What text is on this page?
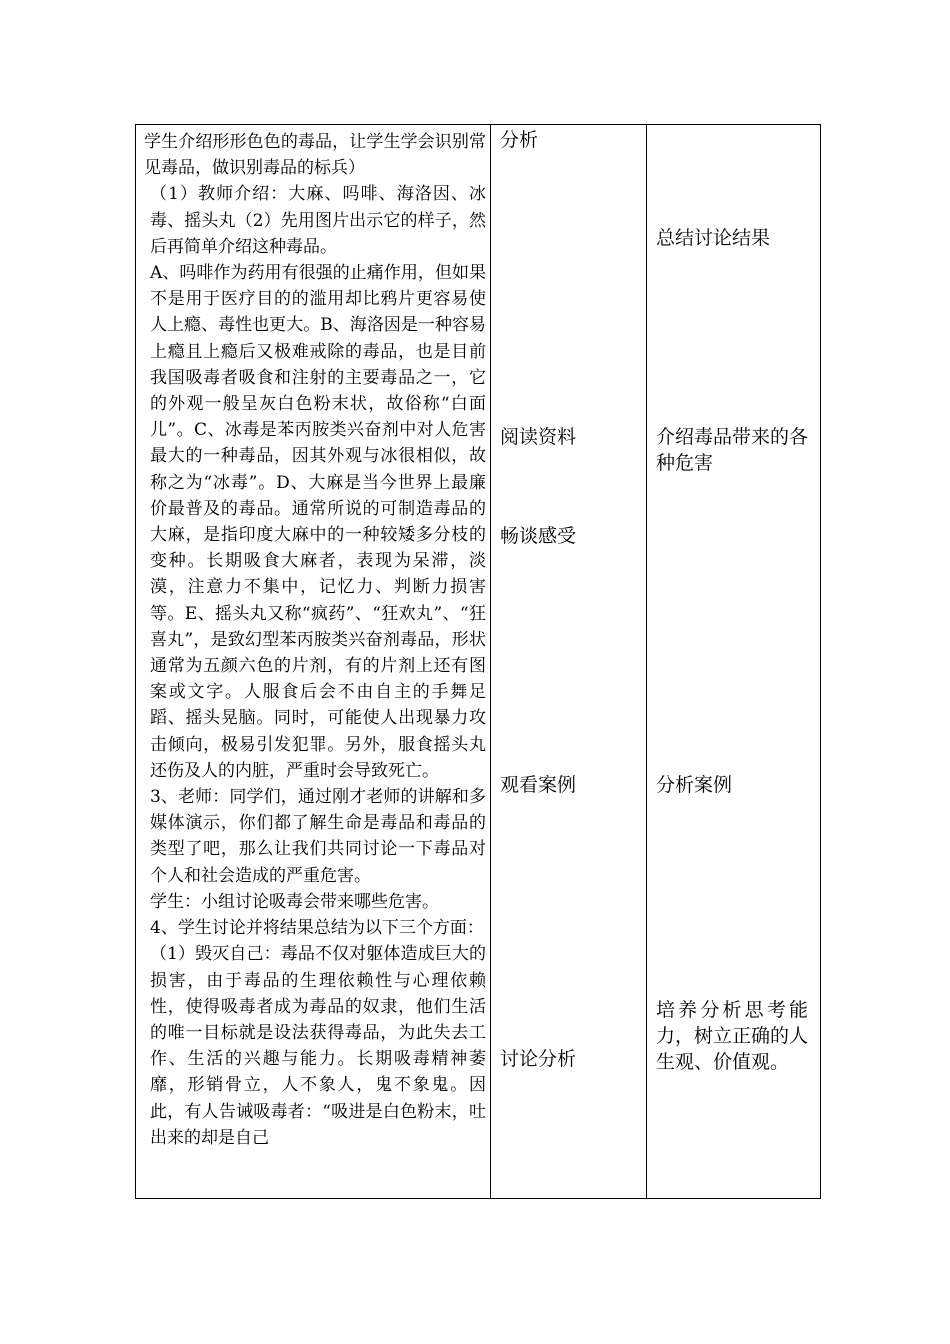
学生介绍形形色色的毒品，让学生学会识别常见毒品，做识别毒品的标兵）

（1）教师介绍：大麻、吗啡、海洛因、冰毒、摇头丸（2）先用图片出示它的样子，然后再简单介绍这种毒品。

A、吗啡作为药用有很强的止痛作用，但如果不是用于医疗目的的滥用却比鸦片更容易使人上瘾、毒性也更大。B、海洛因是一种容易上瘾且上瘾后又极难戒除的毒品，也是目前我国吸毒者吸食和注射的主要毒品之一，它的外观一般呈灰白色粉末状，故俗称“白面儿”。C、冰毒是苯丙胺类兴奋剂中对人危害最大的一种毒品，因其外观与冰很相似，故称之为“冰毒”。D、大麻是当今世界上最廉价最普及的毒品。通常所说的可制造毒品的大麻，是指印度大麻中的一种较矮多分枝的变种。长期吸食大麻者，表现为呆滞，淡漠，注意力不集中，记忆力、判断力损害等。E、摇头丸又称“疯药”、“狂欢丸”、“狂喜丸”，是致幻型苯丙胺类兴奋剂毒品，形状通常为五颜六色的片剂，有的片剂上还有图案或文字。人服食后会不由自主的手舞足蹈、摇头晃脑。同时，可能使人出现暴力攻击倾向，极易引发犯罪。另外，服食摇头丸还伤及人的内脏，严重时会导致死亡。

3、老师：同学们，通过刚才老师的讲解和多媒体演示，你们都了解生命是毒品和毒品的类型了吧，那么让我们共同讨论一下毒品对个人和社会造成的严重危害。

学生：小组讨论吸毒会带来哪些危害。

4、学生讨论并将结果总结为以下三个方面：

（1）毁灭自己：毒品不仅对躯体造成巨大的损害，由于毒品的生理依赖性与心理依赖性，使得吸毒者成为毒品的奴隶，他们生活的唯一目标就是设法获得毒品，为此失去工作、生活的兴趣与能力。长期吸毒精神萎靡，形销骨立，人不象人，鬼不象鬼。因此，有人告诫吸毒者：“吸进是白色粉末，吐出来的却是自己

分析
阅读资料
畅谈感受
观看案例
讨论分析

总结讨论结果
介绍毒品带来的各种危害
分析案例
培养分析思考能力，树立正确的人生观、价值观。
